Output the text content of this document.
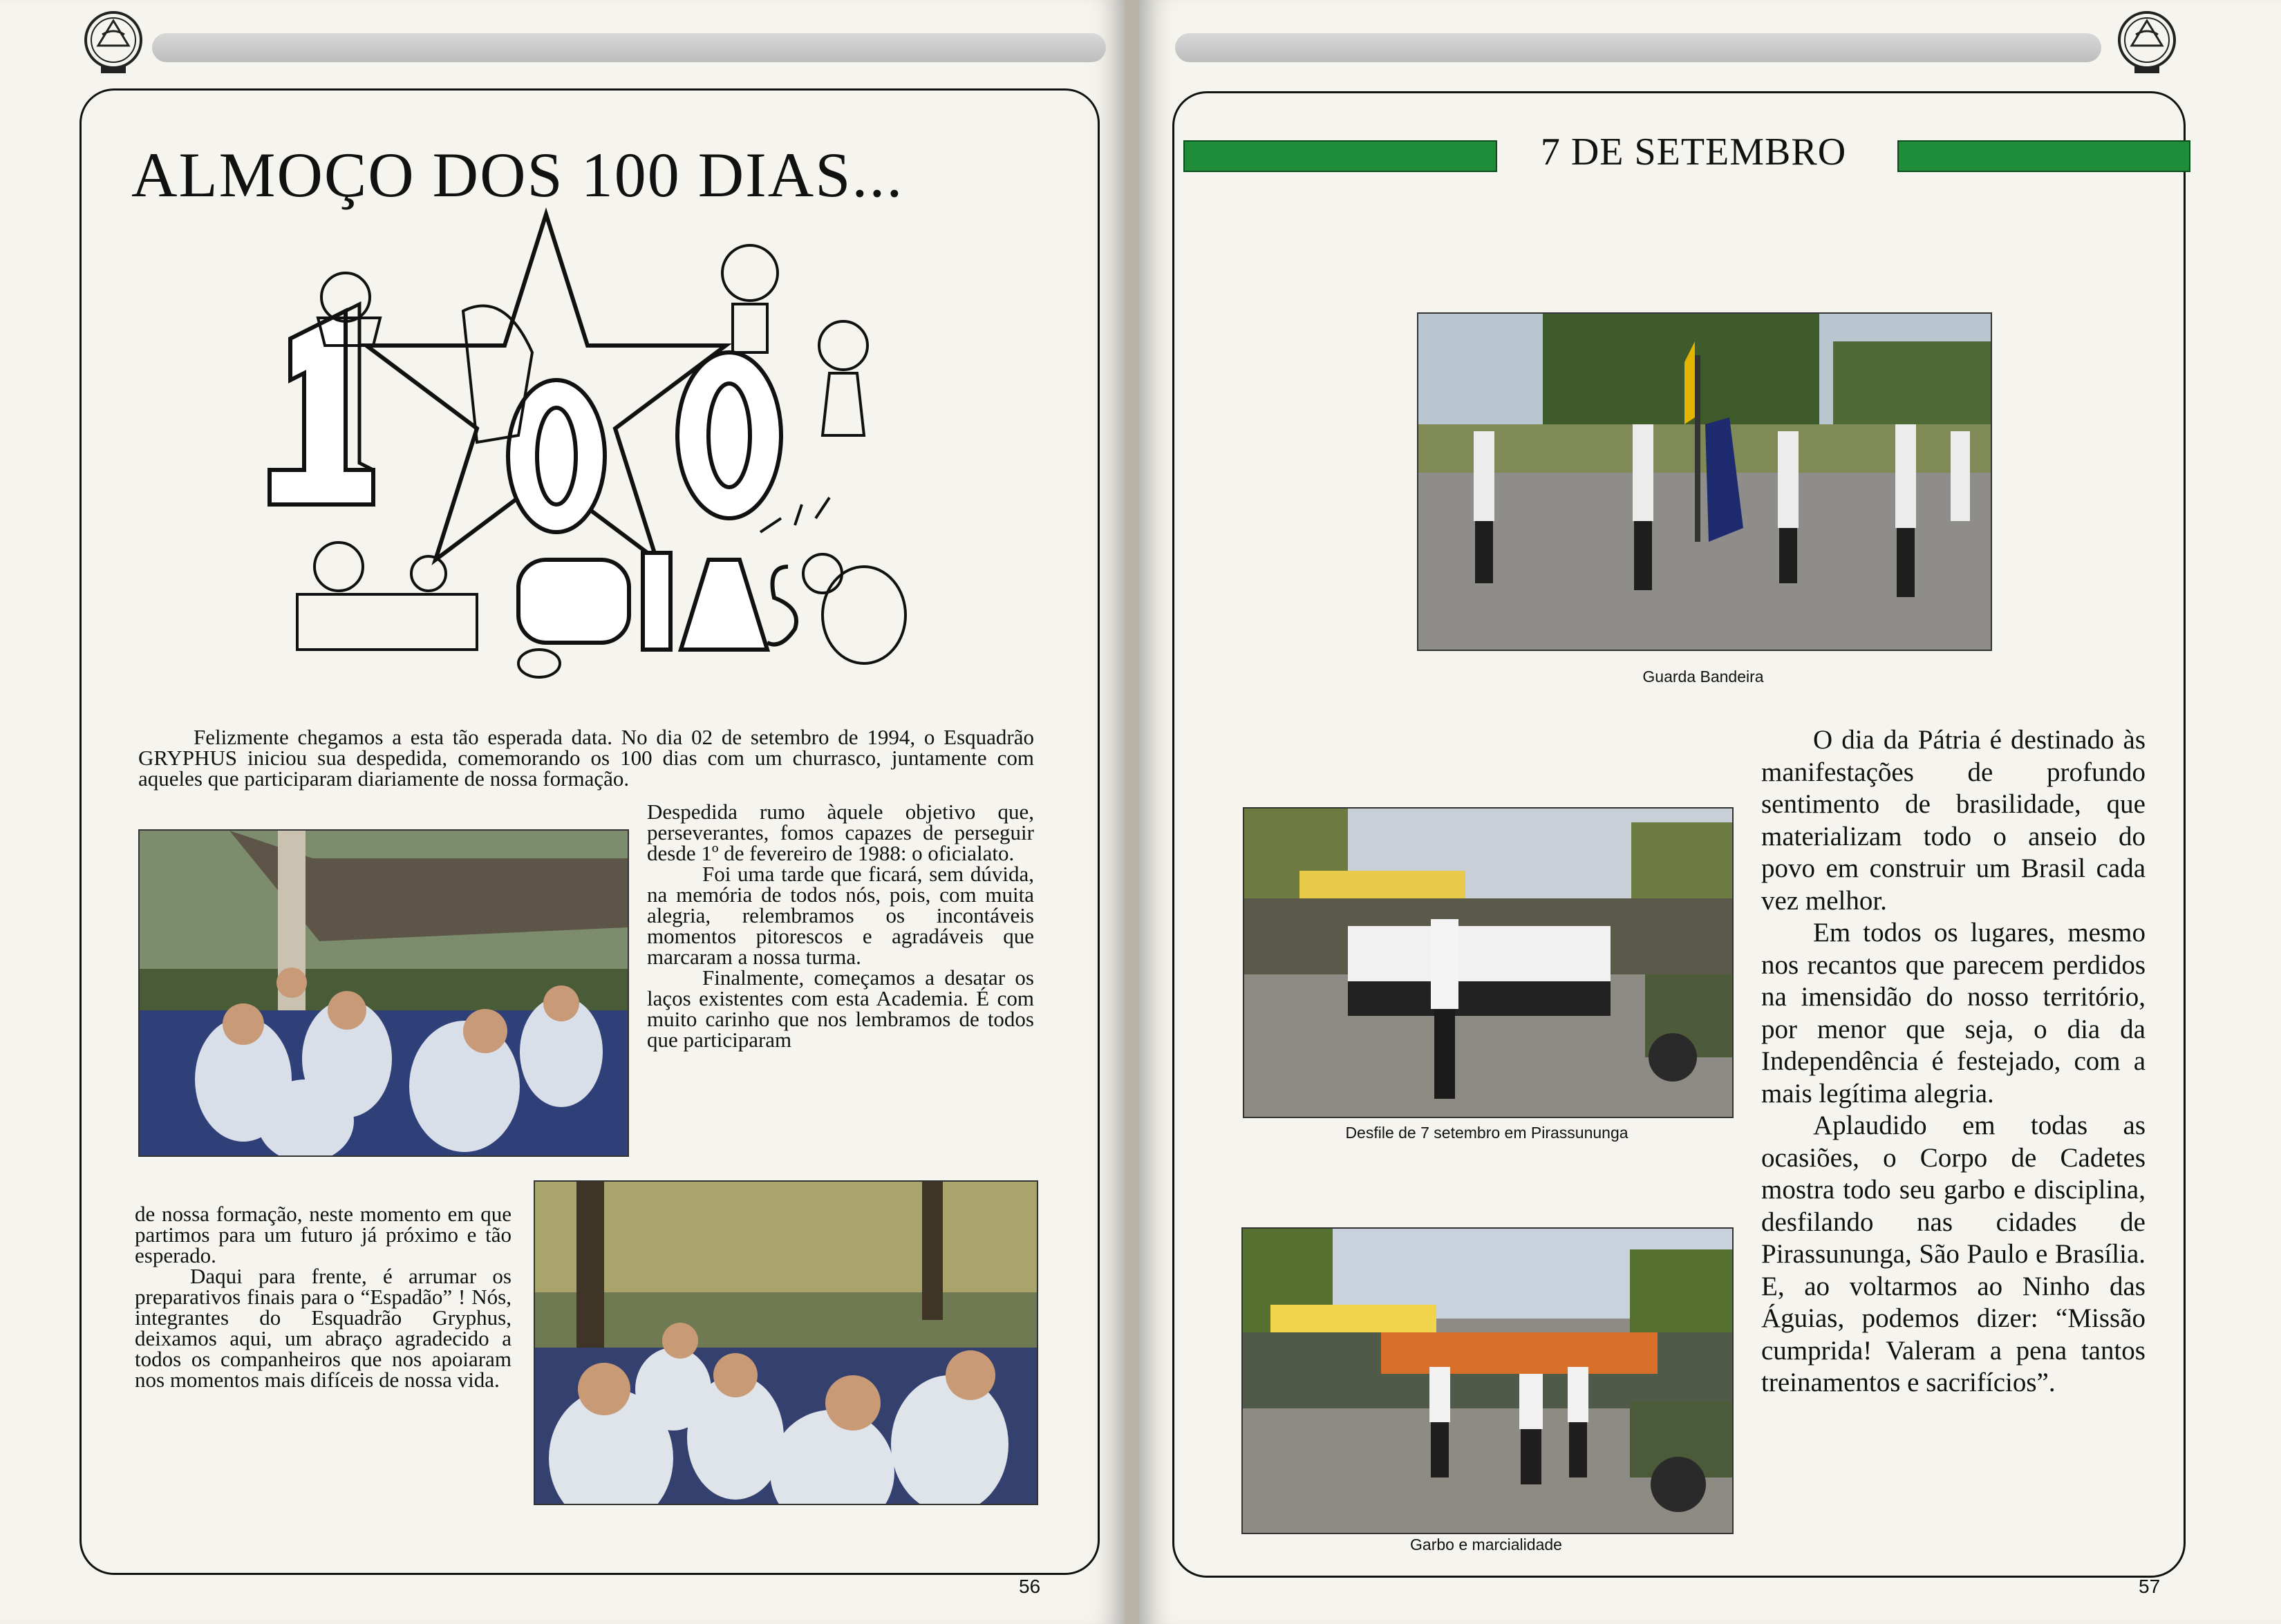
ALMOÇO DOS 100 DIAS...
Felizmente chegamos a esta tão esperada data. No dia 02 de setembro de 1994, o Esquadrão GRYPHUS iniciou sua despedida, comemorando os 100 dias com um churrasco, juntamente com aqueles que participaram diariamente de nossa formação.

Despedida rumo àquele objetivo que, perseverantes, fomos capazes de perseguir desde 1º de fevereiro de 1988: o oficialato.

Foi uma tarde que ficará, sem dúvida, na memória de todos nós, pois, com muita alegria, relembramos os incontáveis momentos pitorescos e agradáveis que marcaram a nossa turma.

Finalmente, começamos a desatar os laços existentes com esta Academia. É com muito carinho que nos lembramos de todos que participaram

de nossa formação, neste momento em que partimos para um futuro já próximo e tão esperado.

Daqui para frente, é arrumar os preparativos finais para o “Espadão” ! Nós, integrantes do Esquadrão Gryphus, deixamos aqui, um abraço agradecido a todos os companheiros que nos apoiaram nos momentos mais difíceis de nossa vida.

56
7 DE SETEMBRO
Guarda Bandeira
Desfile de 7 setembro em Pirassununga
Garbo e marcialidade

O dia da Pátria é destinado às manifestações de profundo sentimento de brasilidade, que materializam todo o anseio do povo em construir um Brasil cada vez melhor.

Em todos os lugares, mesmo nos recantos que parecem perdidos na imensidão do nosso território, por menor que seja, o dia da Independência é festejado, com a mais legítima alegria.

Aplaudido em todas as ocasiões, o Corpo de Cadetes mostra todo seu garbo e disciplina, desfilando nas cidades de Pirassununga, São Paulo e Brasília. E, ao voltarmos ao Ninho das Águias, podemos dizer: “Missão cumprida! Valeram a pena tantos treinamentos e sacrifícios”.

57
